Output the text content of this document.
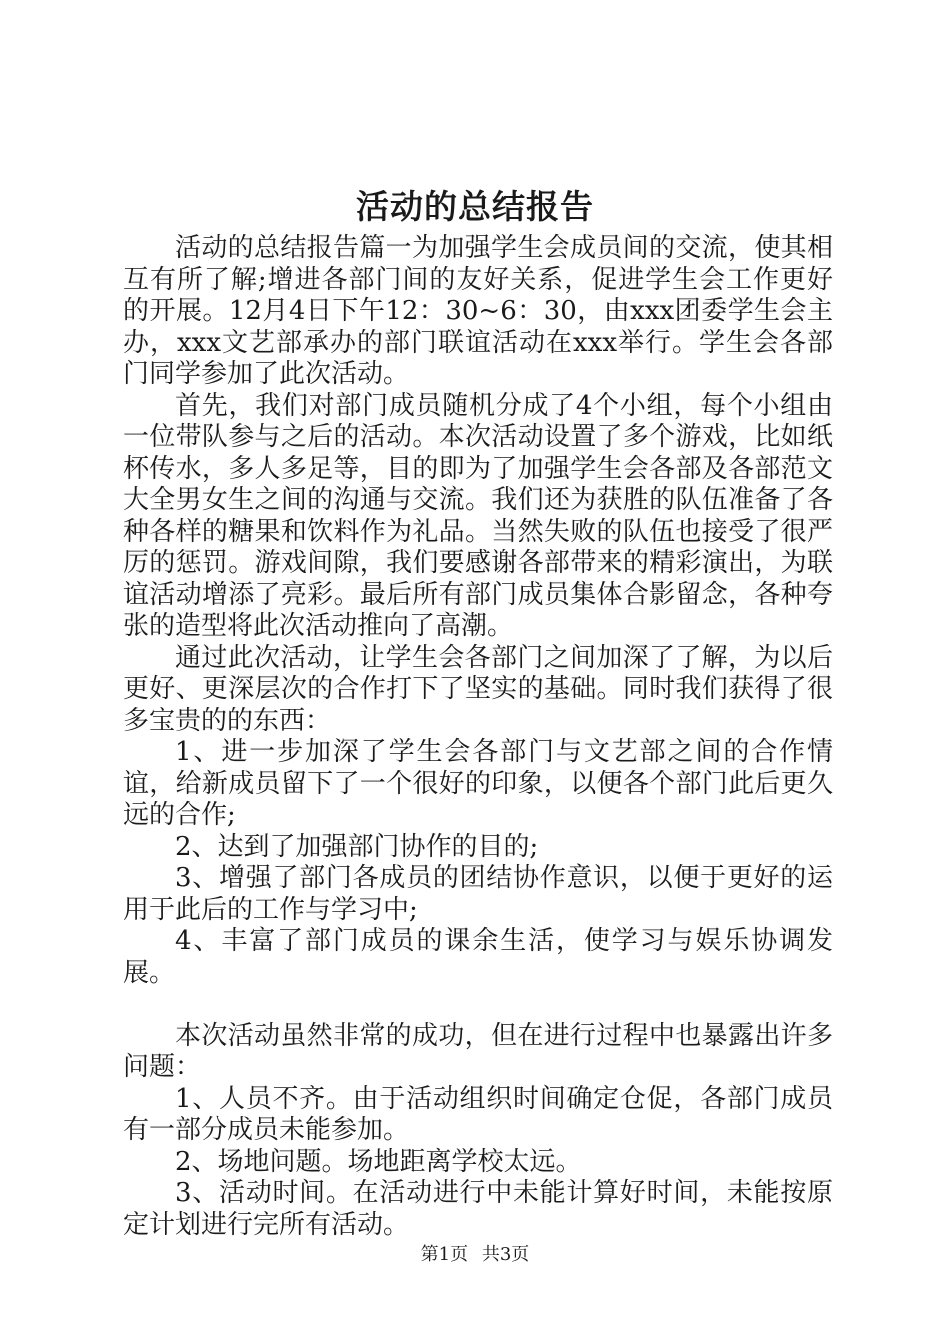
活动的总结报告

活动的总结报告篇一为加强学生会成员间的交流，使其相互有所了解;增进各部门间的友好关系，促进学生会工作更好的开展。12月4日下午12：30~6：30，由xxx团委学生会主办，xxx文艺部承办的部门联谊活动在xxx举行。学生会各部门同学参加了此次活动。

首先，我们对部门成员随机分成了4个小组，每个小组由一位带队参与之后的活动。本次活动设置了多个游戏，比如纸杯传水，多人多足等，目的即为了加强学生会各部及各部范文大全男女生之间的沟通与交流。我们还为获胜的队伍准备了各种各样的糖果和饮料作为礼品。当然失败的队伍也接受了很严厉的惩罚。游戏间隙，我们要感谢各部带来的精彩演出，为联谊活动增添了亮彩。最后所有部门成员集体合影留念，各种夸张的造型将此次活动推向了高潮。

通过此次活动，让学生会各部门之间加深了了解，为以后更好、更深层次的合作打下了坚实的基础。同时我们获得了很多宝贵的的东西：

1、进一步加深了学生会各部门与文艺部之间的合作情谊，给新成员留下了一个很好的印象，以便各个部门此后更久远的合作;

2、达到了加强部门协作的目的;

3、增强了部门各成员的团结协作意识，以便于更好的运用于此后的工作与学习中;

4、丰富了部门成员的课余生活，使学习与娱乐协调发展。

本次活动虽然非常的成功，但在进行过程中也暴露出许多问题：

1、人员不齐。由于活动组织时间确定仓促，各部门成员有一部分成员未能参加。

2、场地问题。场地距离学校太远。

3、活动时间。在活动进行中未能计算好时间，未能按原定计划进行完所有活动。

第1页 共3页
